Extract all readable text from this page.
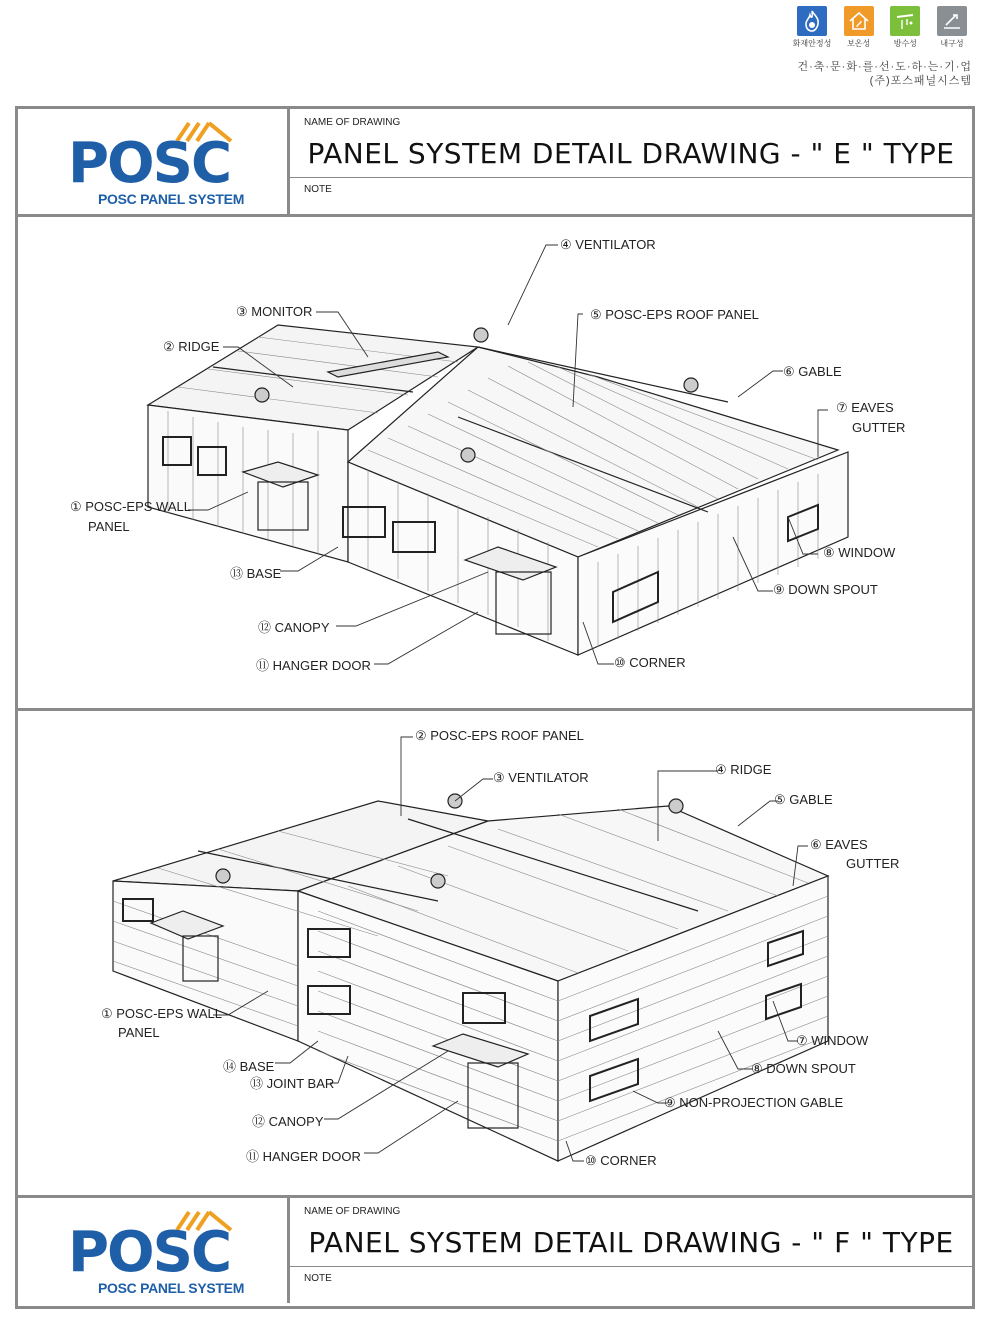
화재안정성	보온성	방수성	내구성
건·축·문·화·를·선·도·하·는·기·업
(주)포스패널시스템
POSC
POSC PANEL SYSTEM
NAME OF DRAWING
PANEL SYSTEM DETAIL DRAWING - " E " TYPE
NOTE
④ VENTILATOR
③ MONITOR	⑤ POSC-EPS ROOF PANEL
② RIDGE
⑥ GABLE
⑦ EAVES
GUTTER
① POSC-EPS WALL
PANEL
⑧ WINDOW
⑬ BASE
⑨ DOWN SPOUT
⑫ CANOPY
⑪ HANGER DOOR	⑩ CORNER
② POSC-EPS ROOF PANEL
③ VENTILATOR
④ RIDGE
⑤ GABLE
⑥ EAVES
GUTTER
① POSC-EPS WALL
PANEL
⑦ WINDOW
⑭ BASE	⑧ DOWN SPOUT
⑬ JOINT BAR
⑨ NON-PROJECTION GABLE
⑫ CANOPY
⑪ HANGER DOOR	⑩ CORNER
POSC
POSC PANEL SYSTEM
NAME OF DRAWING
PANEL SYSTEM DETAIL DRAWING - " F " TYPE
NOTE
